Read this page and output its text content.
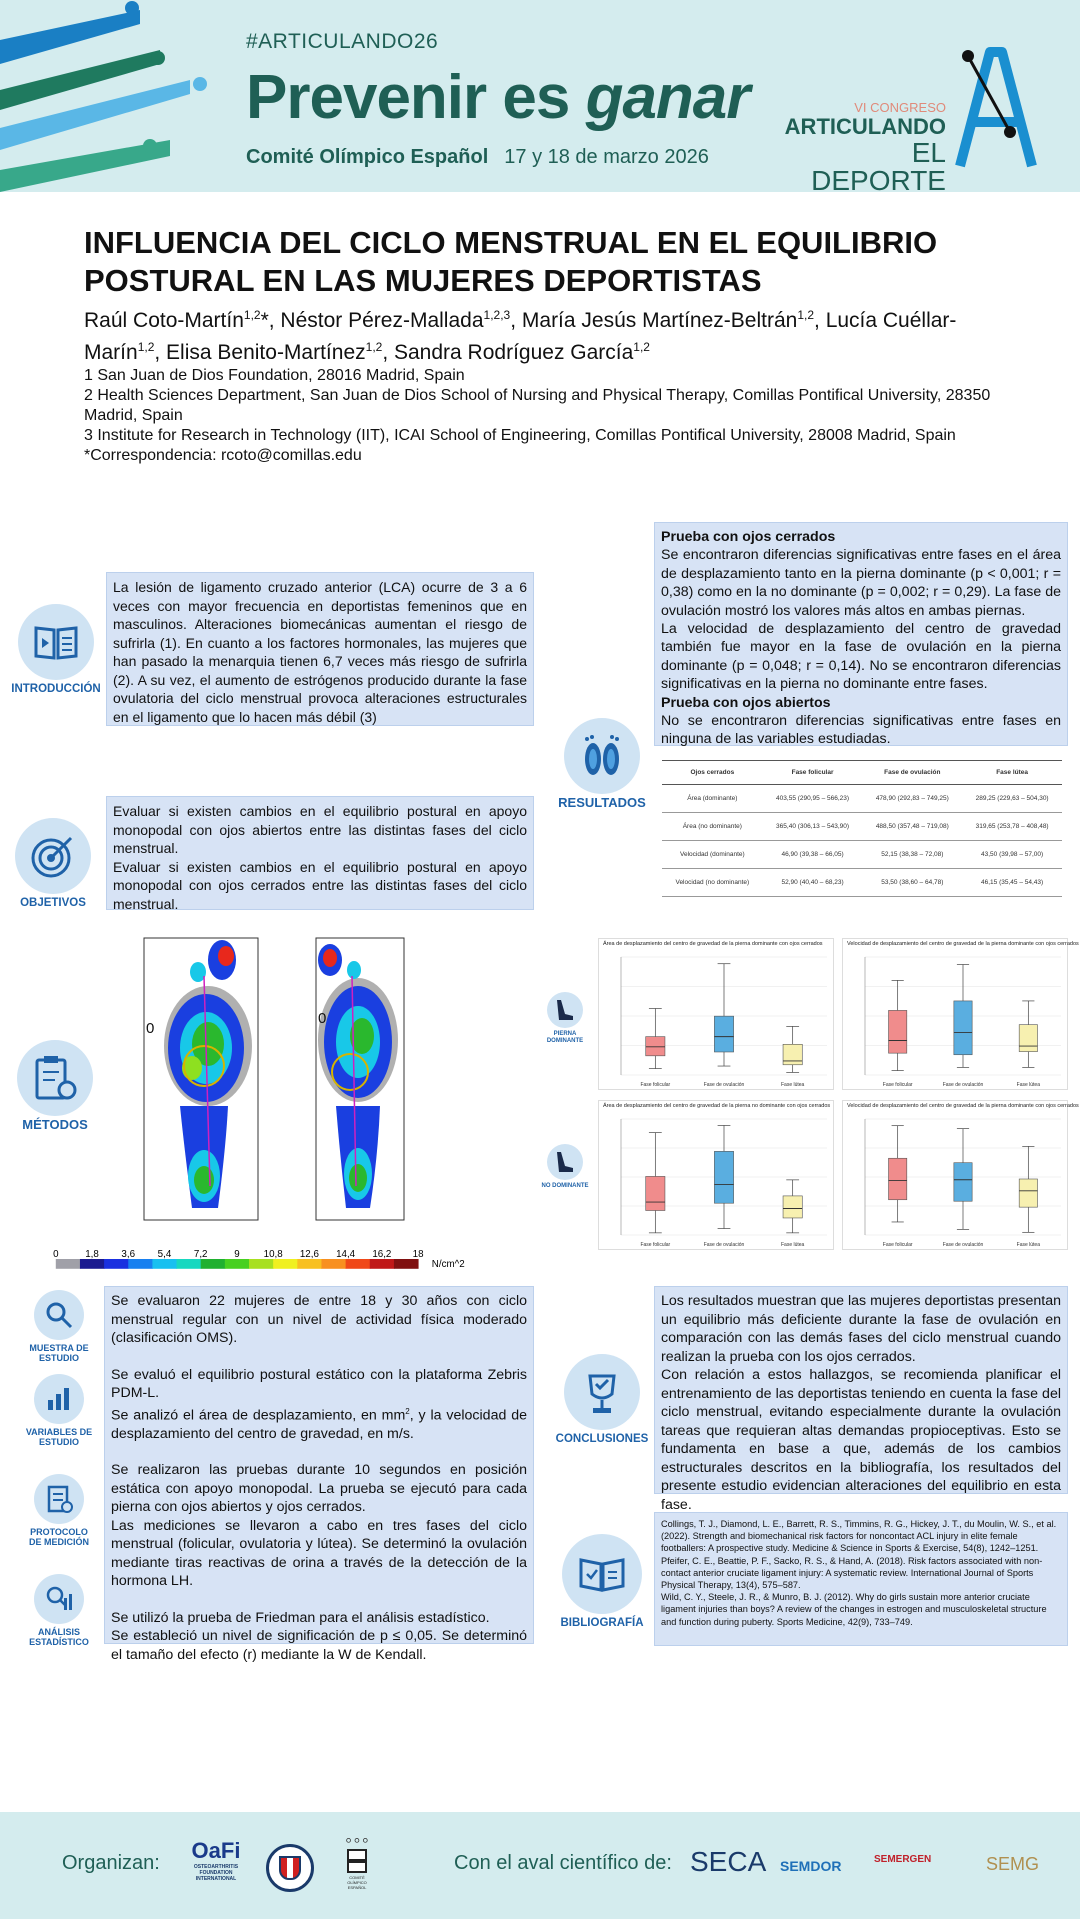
#ARTICULANDO26
Prevenir es ganar
Comité Olímpico Español 17 y 18 de marzo 2026
VI CONGRESO
ARTICULANDO
EL DEPORTE
INFLUENCIA DEL CICLO MENSTRUAL EN EL EQUILIBRIO
POSTURAL EN LAS MUJERES DEPORTISTAS
Raúl Coto-Martín$^{1,2}$*, Néstor Pérez-Mallada$^{1,2,3}$, María Jesús Martínez-Beltrán$^{1,2}$, Lucía Cuéllar-Marín$^{1,2}$, Elisa Benito-Martínez$^{1,2}$, Sandra Rodríguez García$^{1,2}$
1 San Juan de Dios Foundation, 28016 Madrid, Spain
2 Health Sciences Department, San Juan de Dios School of Nursing and Physical Therapy, Comillas Pontifical University, 28350 Madrid, Spain
3 Institute for Research in Technology (IIT), ICAI School of Engineering, Comillas Pontifical University, 28008 Madrid, Spain
*Correspondencia: rcoto@comillas.edu
INTRODUCCIÓN

La lesión de ligamento cruzado anterior (LCA) ocurre de 3 a 6 veces con mayor frecuencia en deportistas femeninos que en masculinos. Alteraciones biomecánicas aumentan el riesgo de sufrirla (1). En cuanto a los factores hormonales, las mujeres que han pasado la menarquia tienen 6,7 veces más riesgo de sufrirla (2). A su vez, el aumento de estrógenos producido durante la fase ovulatoria del ciclo menstrual provoca alteraciones estructurales en el ligamento que lo hacen más débil (3)

OBJETIVOS

Evaluar si existen cambios en el equilibrio postural en apoyo monopodal con ojos abiertos entre las distintas fases del ciclo menstrual.

Evaluar si existen cambios en el equilibrio postural en apoyo monopodal con ojos cerrados entre las distintas fases del ciclo menstrual.

0
0
0	1,8 3,6 5,4 7,2	9 10,8 12,6 14,4 16,2 18
N/cm^2
MÉTODOS
MUESTRA DE ESTUDIO
VARIABLES DE ESTUDIO
PROTOCOLO DE MEDICIÓN
ANÁLISIS ESTADÍSTICO

Se evaluaron 22 mujeres de entre 18 y 30 años con ciclo menstrual regular con un nivel de actividad física moderado (clasificación OMS).

Se evaluó el equilibrio postural estático con la plataforma Zebris PDM-L.

Se analizó el área de desplazamiento, en $mm^2$, y la velocidad de desplazamiento del centro de gravedad, en m/s.

Se realizaron las pruebas durante 10 segundos en posición estática con apoyo monopodal. La prueba se ejecutó para cada pierna con ojos abiertos y ojos cerrados.

Las mediciones se llevaron a cabo en tres fases del ciclo menstrual (folicular, ovulatoria y lútea). Se determinó la ovulación mediante tiras reactivas de orina a través de la detección de la hormona LH.

Se utilizó la prueba de Friedman para el análisis estadístico.

Se estableció un nivel de significación de p ≤ 0,05. Se determinó el tamaño del efecto (r) mediante la W de Kendall.

Prueba con ojos cerrados

Se encontraron diferencias significativas entre fases en el área de desplazamiento tanto en la pierna dominante (p < 0,001; r = 0,38) como en la no dominante (p = 0,002; r = 0,29). La fase de ovulación mostró los valores más altos en ambas piernas.

La velocidad de desplazamiento del centro de gravedad también fue mayor en la fase de ovulación en la pierna dominante (p = 0,048; r = 0,14). No se encontraron diferencias significativas en la pierna no dominante entre fases.

Prueba con ojos abiertos

No se encontraron diferencias significativas entre fases en ninguna de las variables estudiadas.

RESULTADOS
Ojos cerrados	Fase folicular	Fase de ovulación	Fase lútea
Área (dominante)	403,55 (290,95 – 566,23)	478,90 (292,83 – 749,25)	289,25 (229,63 – 504,30)
Área (no dominante)	365,40 (306,13 – 543,90)	488,50 (357,48 – 719,08)	319,65 (253,78 – 408,48)
Velocidad (dominante)	46,90 (39,38 – 66,05)	52,15 (38,38 – 72,08)	43,50 (39,98 – 57,00)
Velocidad (no dominante)	52,90 (40,40 – 68,23)	53,50 (38,60 – 64,78)	46,15 (35,45 – 54,43)
PIERNA DOMINANTE
NO DOMINANTE
Área de desplazamiento del centro de gravedad de la pierna dominante con ojos cerrados
Fase folicular	Fase de ovulación	Fase lútea
Velocidad de desplazamiento del centro de gravedad de la pierna dominante con ojos cerrados
Fase folicular	Fase de ovulación	Fase lútea
Área de desplazamiento del centro de gravedad de la pierna no dominante con ojos cerrados
Fase folicular	Fase de ovulación	Fase lútea
Velocidad de desplazamiento del centro de gravedad de la pierna dominante con ojos cerrados
Fase folicular	Fase de ovulación	Fase lútea

Los resultados muestran que las mujeres deportistas presentan un equilibrio más deficiente durante la fase de ovulación en comparación con las demás fases del ciclo menstrual cuando realizan la prueba con los ojos cerrados.

Con relación a estos hallazgos, se recomienda planificar el entrenamiento de las deportistas teniendo en cuenta la fase del ciclo menstrual, evitando especialmente durante la ovulación tareas que requieran altas demandas propioceptivas. Esto se fundamenta en base a que, además de los cambios estructurales descritos en la bibliografía, los resultados del presente estudio evidencian alteraciones del equilibrio en esta fase.

CONCLUSIONES

Collings, T. J., Diamond, L. E., Barrett, R. S., Timmins, R. G., Hickey, J. T., du Moulin, W. S., et al. (2022). Strength and biomechanical risk factors for noncontact ACL injury in elite female footballers: A prospective study. Medicine & Science in Sports & Exercise, 54(8), 1242–1251.

Pfeifer, C. E., Beattie, P. F., Sacko, R. S., & Hand, A. (2018). Risk factors associated with non-contact anterior cruciate ligament injury: A systematic review. International Journal of Sports Physical Therapy, 13(4), 575–587.

Wild, C. Y., Steele, J. R., & Munro, B. J. (2012). Why do girls sustain more anterior cruciate ligament injuries than boys? A review of the changes in estrogen and musculoskeletal structure and function during puberty. Sports Medicine, 42(9), 733–749.

BIBLIOGRAFÍA
Organizan:	OaFi
OSTEOARTHRITIS FOUNDATION INTERNATIONAL
⚪⚪⚪
COMITÉ OLÍMPICO ESPAÑOL
Con el aval científico de: SECA SEMDOR	SEMERGEN	SEMG
